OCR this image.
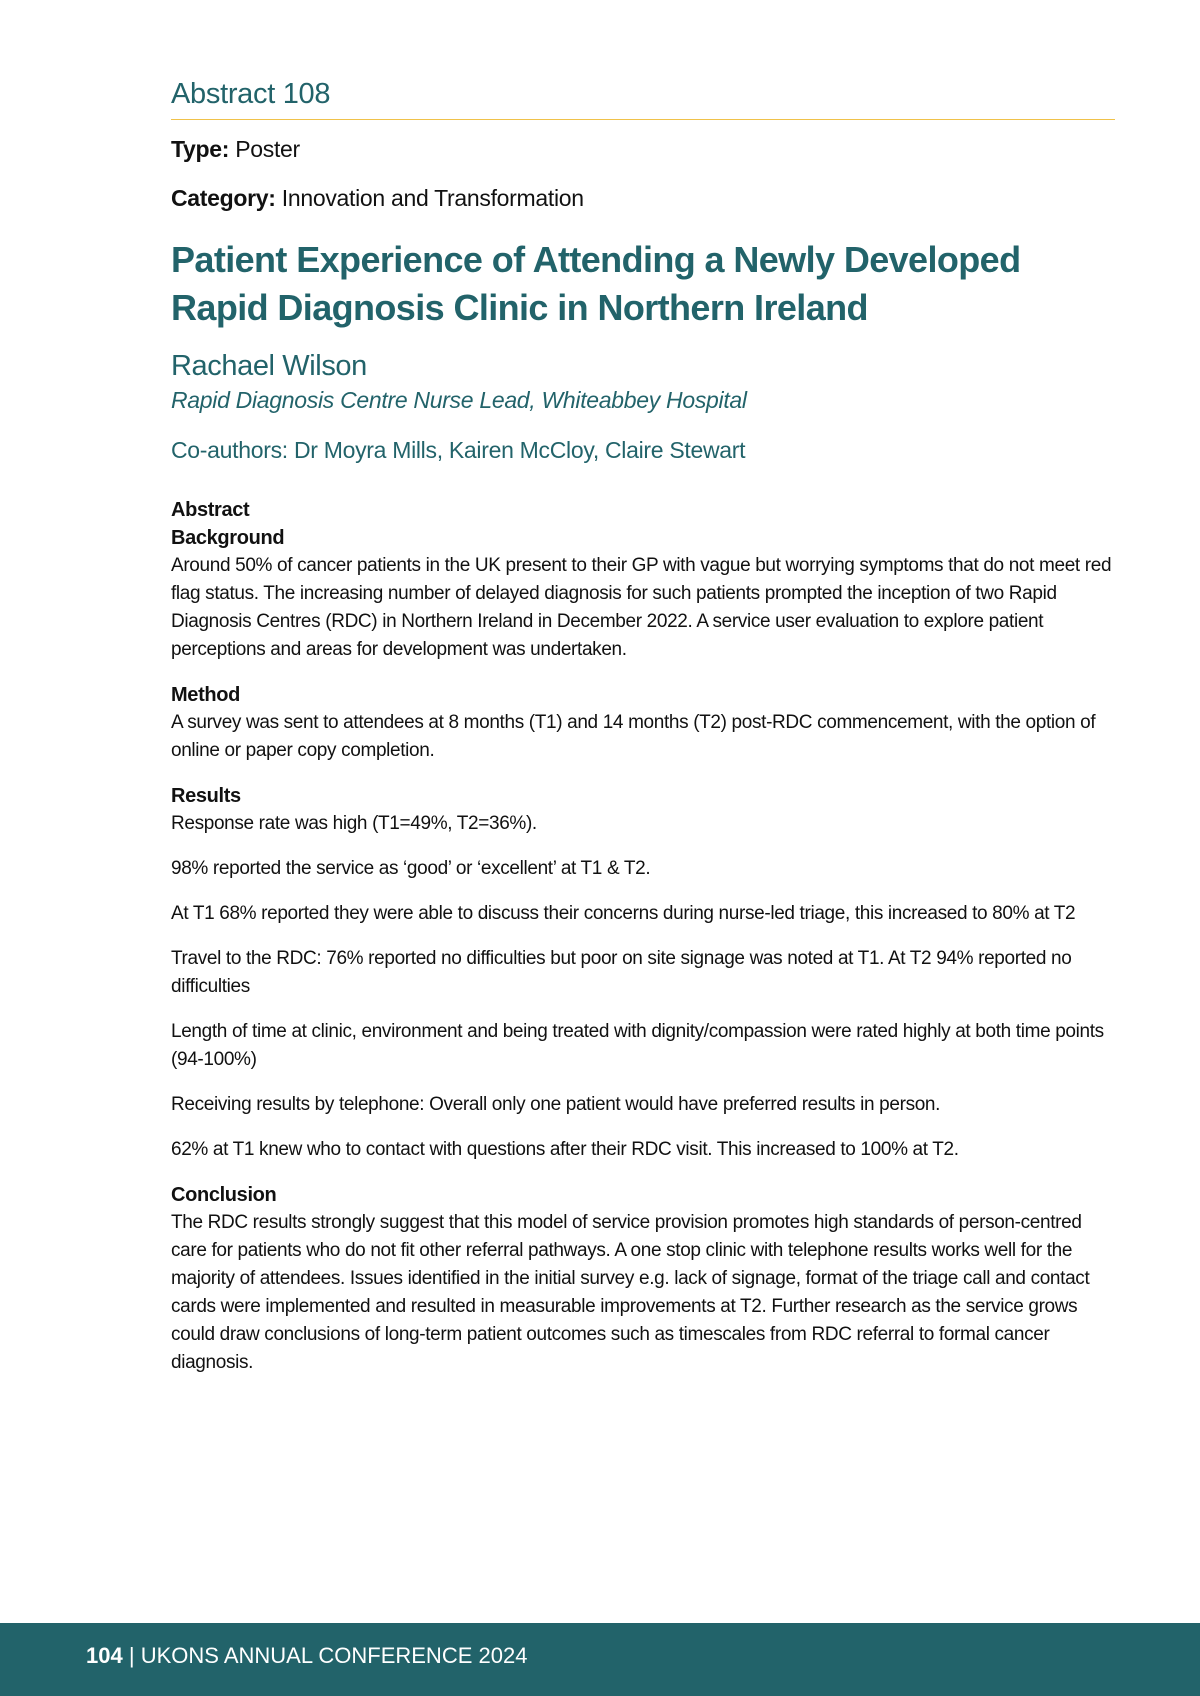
Abstract 108
Type: Poster
Category: Innovation and Transformation
Patient Experience of Attending a Newly Developed Rapid Diagnosis Clinic in Northern Ireland
Rachael Wilson
Rapid Diagnosis Centre Nurse Lead, Whiteabbey Hospital
Co-authors: Dr Moyra Mills, Kairen McCloy, Claire Stewart
Abstract
Background

Around 50% of cancer patients in the UK present to their GP with vague but worrying symptoms that do not meet red flag status. The increasing number of delayed diagnosis for such patients prompted the inception of two Rapid Diagnosis Centres (RDC) in Northern Ireland in December 2022. A service user evaluation to explore patient perceptions and areas for development was undertaken.

Method

A survey was sent to attendees at 8 months (T1) and 14 months (T2) post-RDC commencement, with the option of online or paper copy completion.

Results

Response rate was high (T1=49%, T2=36%).

98% reported the service as ‘good’ or ‘excellent’ at T1 & T2.

At T1 68% reported they were able to discuss their concerns during nurse-led triage, this increased to 80% at T2

Travel to the RDC: 76% reported no difficulties but poor on site signage was noted at T1. At T2 94% reported no difficulties

Length of time at clinic, environment and being treated with dignity/compassion were rated highly at both time points (94-100%)

Receiving results by telephone: Overall only one patient would have preferred results in person.

62% at T1 knew who to contact with questions after their RDC visit. This increased to 100% at T2.

Conclusion

The RDC results strongly suggest that this model of service provision promotes high standards of person-centred care for patients who do not fit other referral pathways. A one stop clinic with telephone results works well for the majority of attendees. Issues identified in the initial survey e.g. lack of signage, format of the triage call and contact cards were implemented and resulted in measurable improvements at T2. Further research as the service grows could draw conclusions of long-term patient outcomes such as timescales from RDC referral to formal cancer diagnosis.

104 | UKONS ANNUAL CONFERENCE 2024
